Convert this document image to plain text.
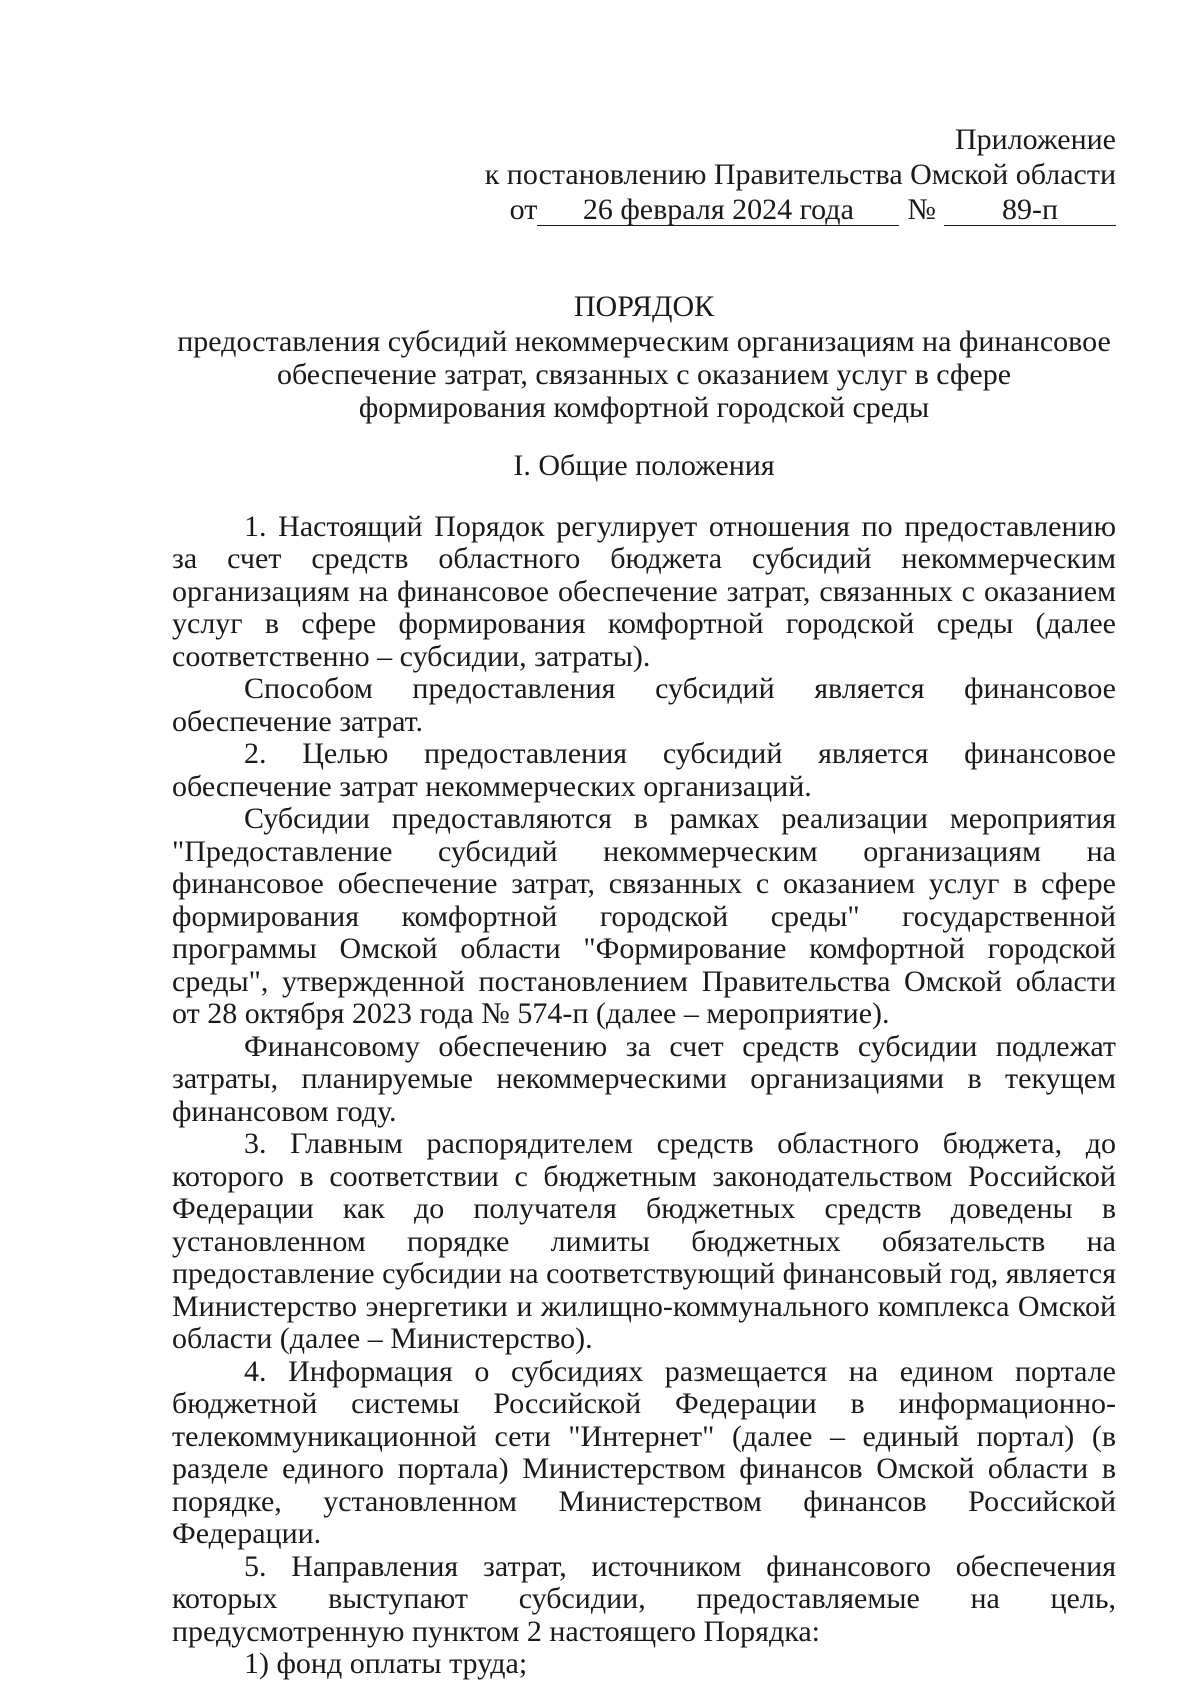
Приложение
к постановлению Правительства Омской области
от 26 февраля 2024 года № 89-п
ПОРЯДОК
предоставления субсидий некоммерческим организациям на финансовое
обеспечение затрат, связанных с оказанием услуг в сфере
формирования комфортной городской среды
I. Общие положения

1. Настоящий Порядок регулирует отношения по предоставлению за счет средств областного бюджета субсидий некоммерческим организациям на финансовое обеспечение затрат, связанных с оказанием услуг в сфере формирования комфортной городской среды (далее соответственно – субсидии, затраты).

Способом предоставления субсидий является финансовое обеспечение затрат.

2. Целью предоставления субсидий является финансовое обеспечение затрат некоммерческих организаций.

Субсидии предоставляются в рамках реализации мероприятия "Предоставление субсидий некоммерческим организациям на финансовое обеспечение затрат, связанных с оказанием услуг в сфере формирования комфортной городской среды" государственной программы Омской области "Формирование комфортной городской среды", утвержденной постановлением Правительства Омской области от 28 октября 2023 года № 574-п (далее – мероприятие).

Финансовому обеспечению за счет средств субсидии подлежат затраты, планируемые некоммерческими организациями в текущем финансовом году.

3. Главным распорядителем средств областного бюджета, до которого в соответствии с бюджетным законодательством Российской Федерации как до получателя бюджетных средств доведены в установленном порядке лимиты бюджетных обязательств на предоставление субсидии на соответствующий финансовый год, является Министерство энергетики и жилищно-коммунального комплекса Омской области (далее – Министерство).

4. Информация о субсидиях размещается на едином портале бюджетной системы Российской Федерации в информационно-телекоммуникационной сети "Интернет" (далее – единый портал) (в разделе единого портала) Министерством финансов Омской области в порядке, установленном Министерством финансов Российской Федерации.

5. Направления затрат, источником финансового обеспечения которых выступают субсидии, предоставляемые на цель, предусмотренную пунктом 2 настоящего Порядка:

1) фонд оплаты труда;
